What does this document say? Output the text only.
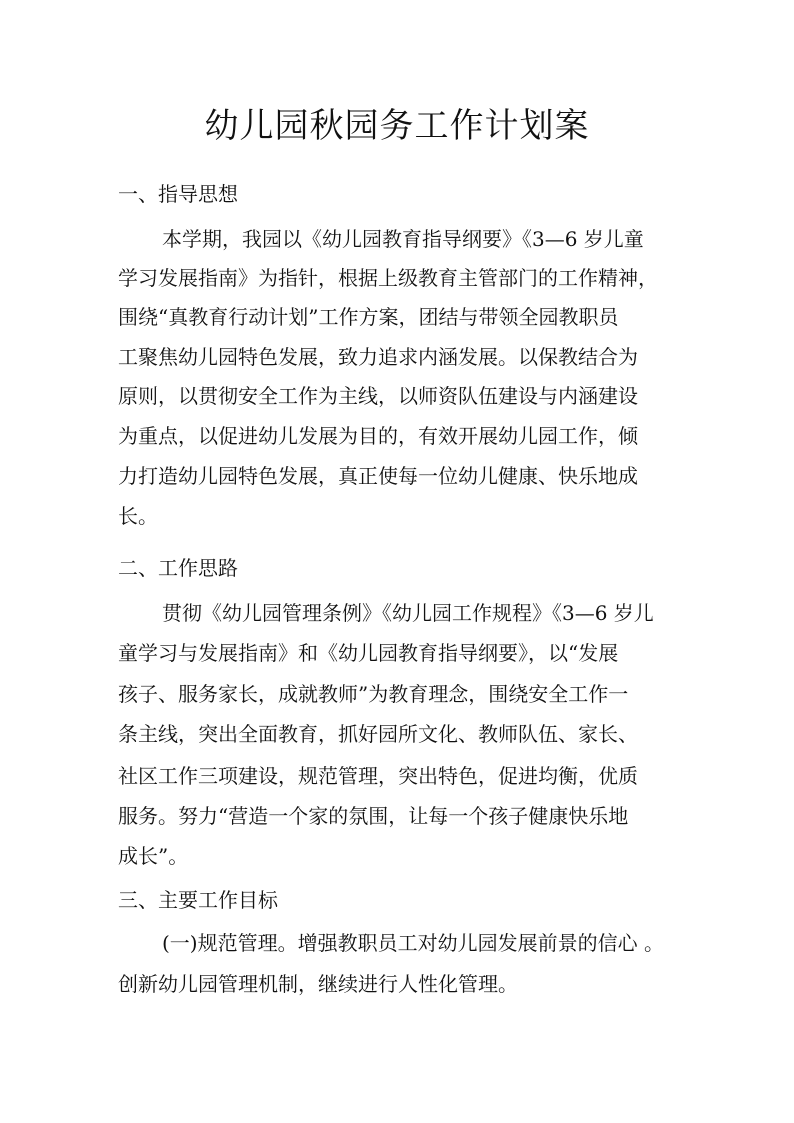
幼儿园秋园务工作计划案

一、指导思想

本学期，我园以《幼儿园教育指导纲要》《3—6 岁儿童

学习发展指南》为指针，根据上级教育主管部门的工作精神，

围绕“真教育行动计划”工作方案，团结与带领全园教职员

工聚焦幼儿园特色发展，致力追求内涵发展。以保教结合为

原则，以贯彻安全工作为主线，以师资队伍建设与内涵建设

为重点，以促进幼儿发展为目的，有效开展幼儿园工作，倾

力打造幼儿园特色发展，真正使每一位幼儿健康、快乐地成

长。

二、工作思路

贯彻《幼儿园管理条例》《幼儿园工作规程》《3—6 岁儿

童学习与发展指南》和《幼儿园教育指导纲要》，以“发展

孩子、服务家长，成就教师”为教育理念，围绕安全工作一

条主线，突出全面教育，抓好园所文化、教师队伍、家长、

社区工作三项建设，规范管理，突出特色，促进均衡，优质

服务。努力“营造一个家的氛围，让每一个孩子健康快乐地

成长”。

三、主要工作目标

(一)规范管理。增强教职员工对幼儿园发展前景的信心 。

创新幼儿园管理机制，继续进行人性化管理。
